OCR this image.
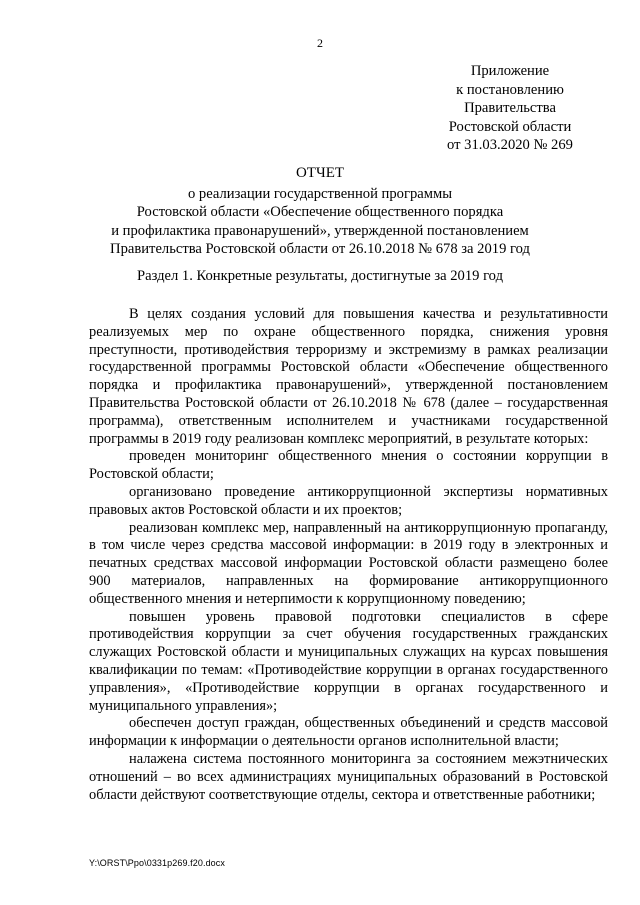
2
Приложение
к постановлению
Правительства
Ростовской области
от 31.03.2020 № 269
ОТЧЕТ
о реализации государственной программы
Ростовской области «Обеспечение общественного порядка
и профилактика правонарушений», утвержденной постановлением
Правительства Ростовской области от 26.10.2018 № 678 за 2019 год
Раздел 1. Конкретные результаты, достигнутые за 2019 год

В целях создания условий для повышения качества и результативности реализуемых мер по охране общественного порядка, снижения уровня преступности, противодействия терроризму и экстремизму в рамках реализации государственной программы Ростовской области «Обеспечение общественного порядка и профилактика правонарушений», утвержденной постановлением Правительства Ростовской области от 26.10.2018 № 678 (далее – государственная программа), ответственным исполнителем и участниками государственной программы в 2019 году реализован комплекс мероприятий, в результате которых:

проведен мониторинг общественного мнения о состоянии коррупции в Ростовской области;

организовано проведение антикоррупционной экспертизы нормативных правовых актов Ростовской области и их проектов;

реализован комплекс мер, направленный на антикоррупционную пропаганду, в том числе через средства массовой информации: в 2019 году в электронных и печатных средствах массовой информации Ростовской области размещено более 900 материалов, направленных на формирование антикоррупционного общественного мнения и нетерпимости к коррупционному поведению;

повышен уровень правовой подготовки специалистов в сфере противодействия коррупции за счет обучения государственных гражданских служащих Ростовской области и муниципальных служащих на курсах повышения квалификации по темам: «Противодействие коррупции в органах государственного управления», «Противодействие коррупции в органах государственного и муниципального управления»;

обеспечен доступ граждан, общественных объединений и средств массовой информации к информации о деятельности органов исполнительной власти;

налажена система постоянного мониторинга за состоянием межэтнических отношений – во всех администрациях муниципальных образований в Ростовской области действуют соответствующие отделы, сектора и ответственные работники;

Y:\ORST\Ppo\0331p269.f20.docx
